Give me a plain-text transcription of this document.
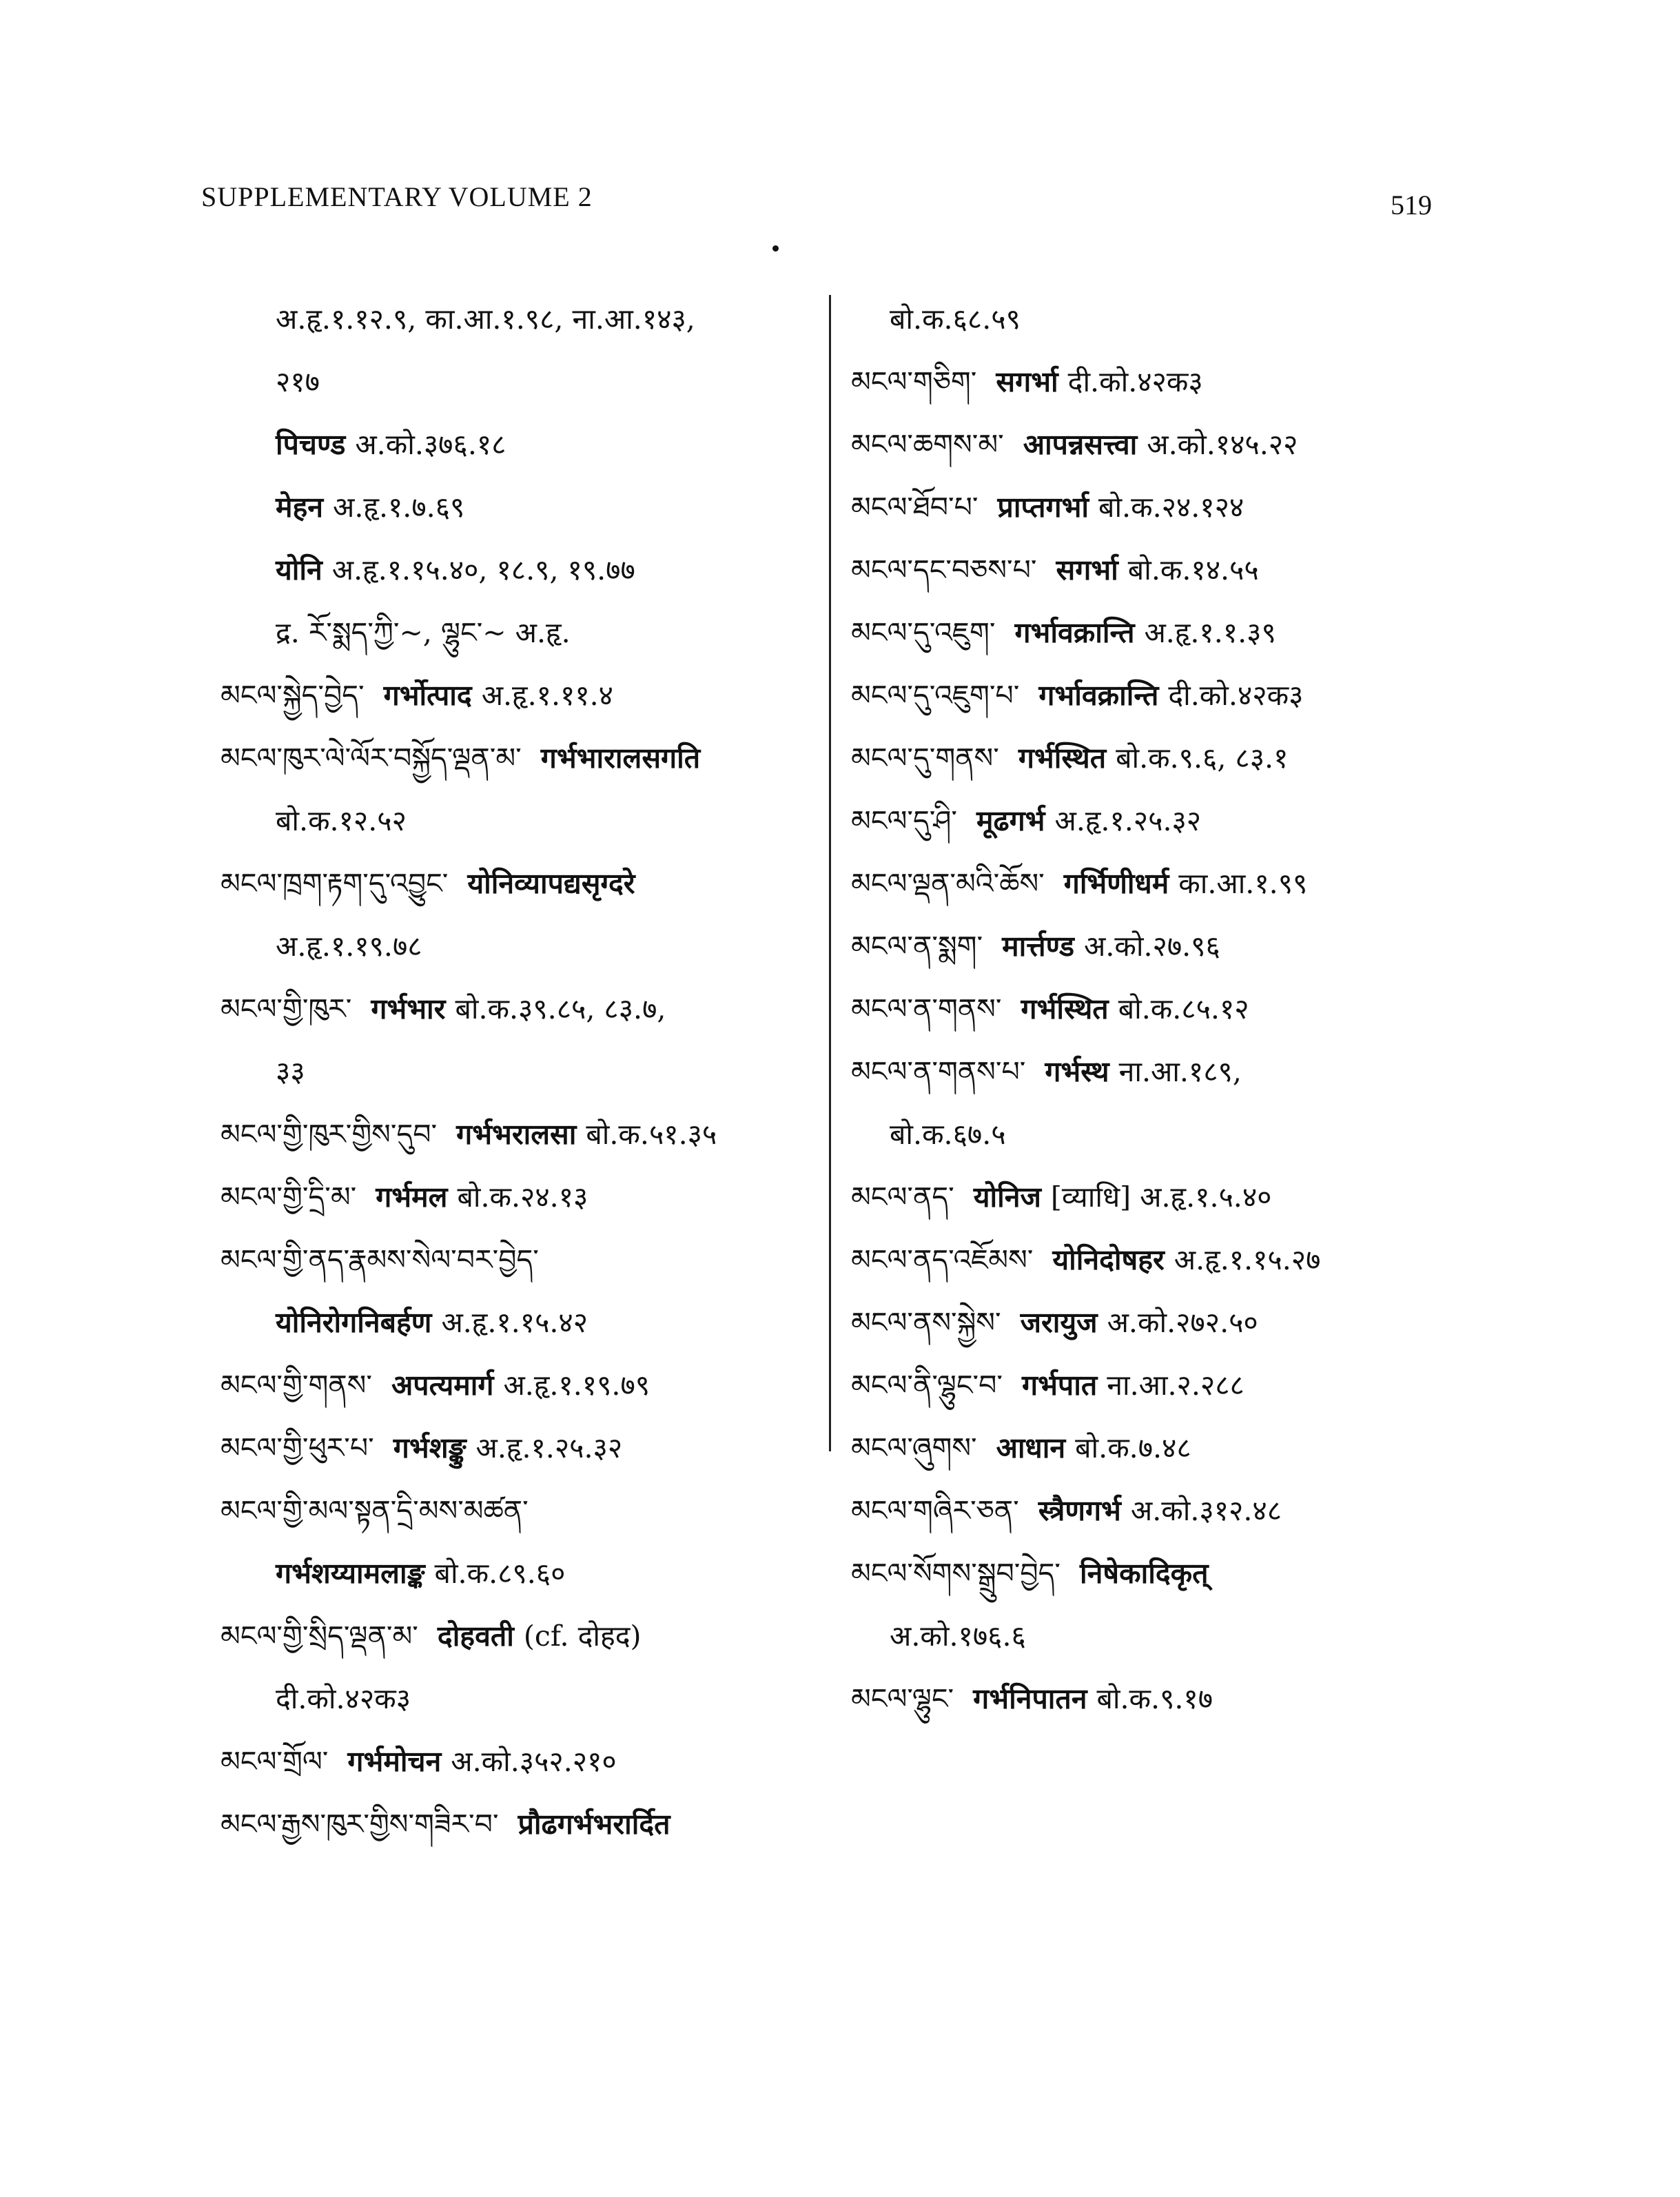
SUPPLEMENTARY VOLUME 2	519
अ.हृ.१.१२.९, का.आ.१.९८, ना.आ.१४३,
२१७
पिचण्ड अ.को.३७६.१८
मेहन अ.हृ.१.७.६९
योनि अ.हृ.१.१५.४०, १८.९, १९.७७
द्र. རོ་སྨད་ཀྱི་~, ལྷུང་~ अ.हृ.
མངལ་སྐྱེད་བྱེད་ गर्भोत्पाद अ.हृ.१.११.४
མངལ་ཁུར་ལེ་ལོར་བསྐྱོད་ལྡན་མ་ गर्भभारालसगति
बो.क.१२.५२
མངལ་ཁྲག་རྟག་དུ་འབྱུང་ योनिव्यापद्यसृग्दरे
अ.हृ.१.१९.७८
མངལ་གྱི་ཁུར་ गर्भभार बो.क.३९.८५, ८३.७,
३३
མངལ་གྱི་ཁུར་གྱིས་དུབ་ गर्भभरालसा बो.क.५१.३५
མངལ་གྱི་དྲི་མ་ गर्भमल बो.क.२४.१३
མངལ་གྱི་ནད་རྣམས་སེལ་བར་བྱེད་
योनिरोगनिबर्हण अ.हृ.१.१५.४२
མངལ་གྱི་གནས་ अपत्यमार्ग अ.हृ.१.१९.७९
མངལ་གྱི་ཕུར་པ་ गर्भशङ्कु अ.हृ.१.२५.३२
མངལ་གྱི་མལ་སྟན་དྲི་མས་མཚན་
गर्भशय्यामलाङ्क बो.क.८९.६०
མངལ་གྱི་སྲིད་ལྡན་མ་ दोहवती (cf. दोहद)
दी.को.४२क३
མངལ་གྲོལ་ गर्भमोचन अ.को.३५२.२१०
མངལ་རྒྱས་ཁུར་གྱིས་གཟིར་བ་ प्रौढगर्भभरार्दित
बो.क.६८.५९
མངལ་གཅིག་ सगर्भा दी.को.४२क३
མངལ་ཆགས་མ་ आपन्नसत्त्वा अ.को.१४५.२२
མངལ་ཐོབ་པ་ प्राप्तगर्भा बो.क.२४.१२४
མངལ་དང་བཅས་པ་ सगर्भा बो.क.१४.५५
མངལ་དུ་འཇུག་ गर्भावक्रान्ति अ.हृ.१.१.३९
མངལ་དུ་འཇུག་པ་ गर्भावक्रान्ति दी.को.४२क३
མངལ་དུ་གནས་ गर्भस्थित बो.क.९.६, ८३.१
མངལ་དུ་ཤི་ मूढगर्भ अ.हृ.१.२५.३२
མངལ་ལྡན་མའི་ཆོས་ गर्भिणीधर्म का.आ.१.९९
མངལ་ན་སྨག་ मार्त्तण्ड अ.को.२७.९६
མངལ་ན་གནས་ गर्भस्थित बो.क.८५.१२
མངལ་ན་གནས་པ་ गर्भस्थ ना.आ.१८९,
बो.क.६७.५
མངལ་ནད་ योनिज [व्याधि] अ.हृ.१.५.४०
མངལ་ནད་འཇོམས་ योनिदोषहर अ.हृ.१.१५.२७
མངལ་ནས་སྐྱེས་ जरायुज अ.को.२७२.५०
མངལ་ནི་ལྷུང་བ་ गर्भपात ना.आ.२.२८८
མངལ་ཞུགས་ आधान बो.क.७.४८
མངལ་གཞིར་ཅན་ स्त्रैणगर्भ अ.को.३१२.४८
མངལ་སོགས་སྒྲུབ་བྱེད་ निषेकादिकृत्
अ.को.१७६.६
མངལ་ལྷུང་ गर्भनिपातन बो.क.९.१७
